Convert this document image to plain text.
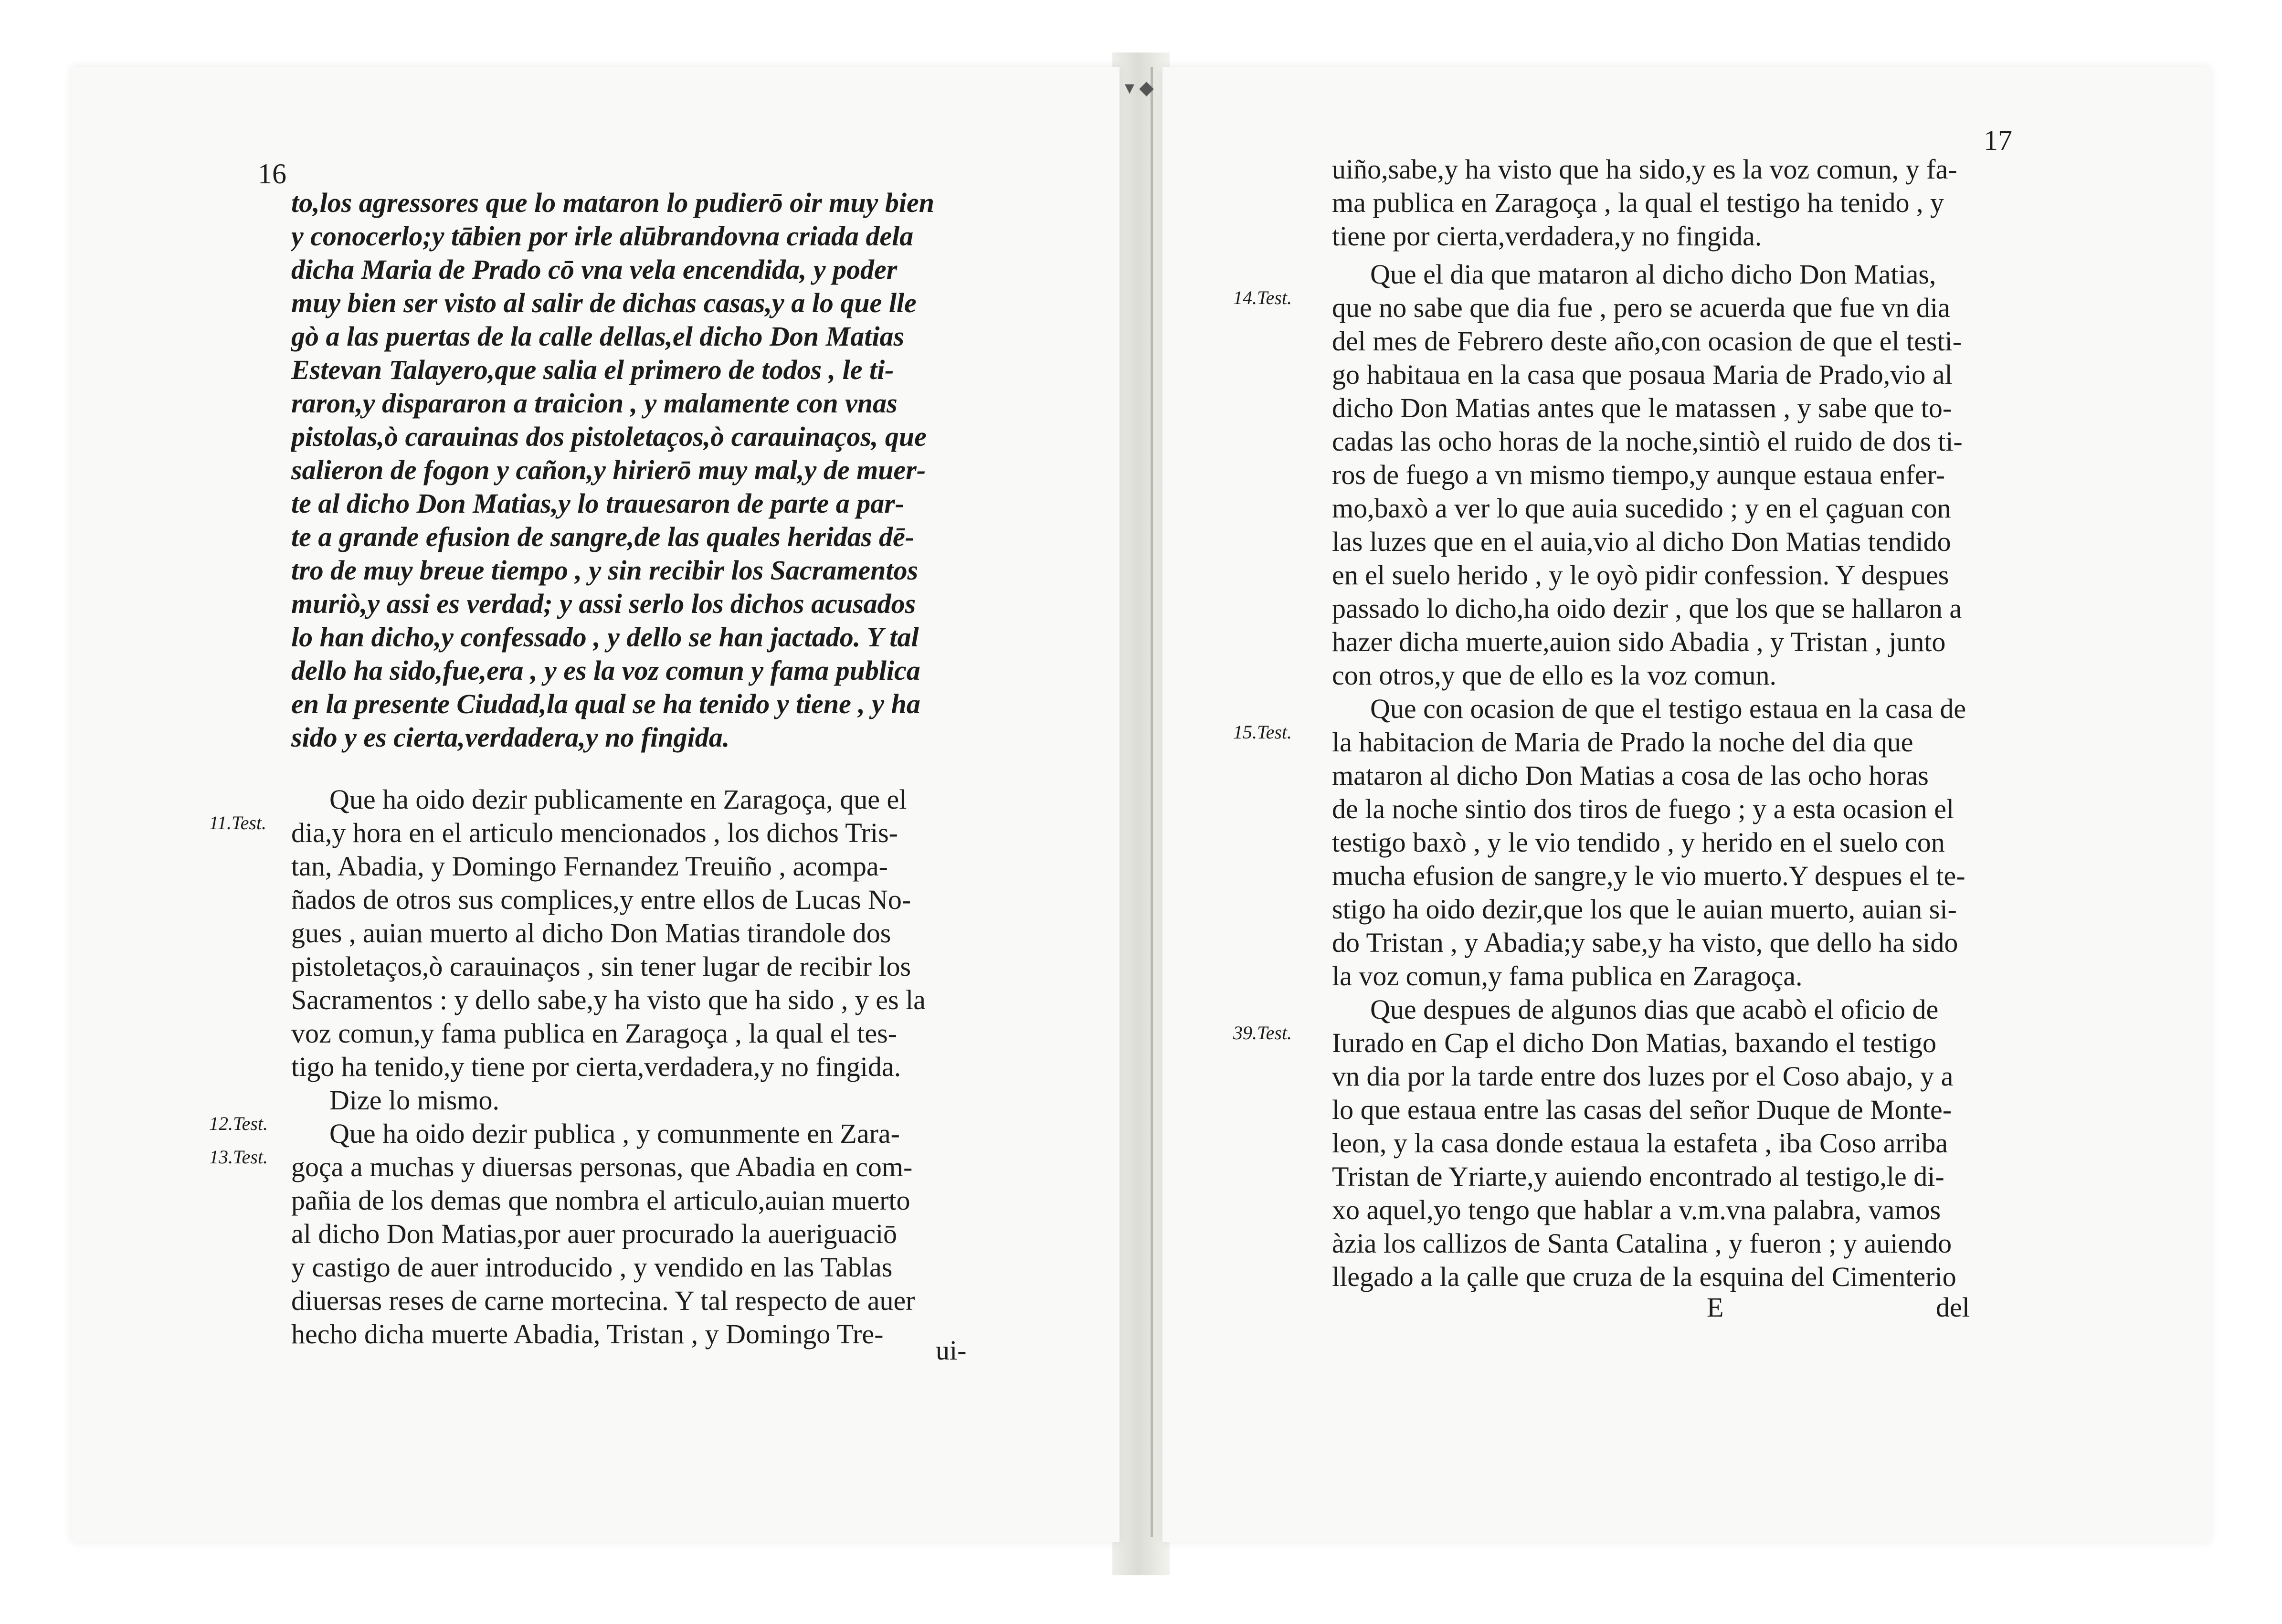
▾ ◆
16
to,los agressores que lo mataron lo pudierō oir muy bien
y conocerlo;y tābien por irle alūbrandovna criada dela
dicha Maria de Prado cō vna vela encendida, y poder
muy bien ser visto al salir de dichas casas,y a lo que lle
gò a las puertas de la calle dellas,el dicho Don Matias
Estevan Talayero,que salia el primero de todos , le ti-
raron,y dispararon a traicion , y malamente con vnas
pistolas,ò carauinas dos pistoletaços,ò carauinaços, que
salieron de fogon y cañon,y hirierō muy mal,y de muer-
te al dicho Don Matias,y lo trauesaron de parte a par-
te a grande efusion de sangre,de las quales heridas dē-
tro de muy breue tiempo , y sin recibir los Sacramentos
muriò,y assi es verdad; y assi serlo los dichos acusados
lo han dicho,y confessado , y dello se han jactado. Y tal
dello ha sido,fue,era , y es la voz comun y fama publica
en la presente Ciudad,la qual se ha tenido y tiene , y ha
sido y es cierta,verdadera,y no fingida.
11.Test.
Que ha oido dezir publicamente en Zaragoça, que el
dia,y hora en el articulo mencionados , los dichos Tris-
tan, Abadia, y Domingo Fernandez Treuiño , acompa-
ñados de otros sus complices,y entre ellos de Lucas No-
gues , auian muerto al dicho Don Matias tirandole dos
pistoletaços,ò carauinaços , sin tener lugar de recibir los
Sacramentos : y dello sabe,y ha visto que ha sido , y es la
voz comun,y fama publica en Zaragoça , la qual el tes-
tigo ha tenido,y tiene por cierta,verdadera,y no fingida.
12.Test.
Dize lo mismo.
13.Test.
Que ha oido dezir publica , y comunmente en Zara-
goça a muchas y diuersas personas, que Abadia en com-
pañia de los demas que nombra el articulo,auian muerto
al dicho Don Matias,por auer procurado la aueriguaciō
y castigo de auer introducido , y vendido en las Tablas
diuersas reses de carne mortecina. Y tal respecto de auer
hecho dicha muerte Abadia, Tristan , y Domingo Tre-
ui-
17
uiño,sabe,y ha visto que ha sido,y es la voz comun, y fa-
ma publica en Zaragoça , la qual el testigo ha tenido , y
tiene por cierta,verdadera,y no fingida.
14.Test.
Que el dia que mataron al dicho dicho Don Matias,
que no sabe que dia fue , pero se acuerda que fue vn dia
del mes de Febrero deste año,con ocasion de que el testi-
go habitaua en la casa que posaua Maria de Prado,vio al
dicho Don Matias antes que le matassen , y sabe que to-
cadas las ocho horas de la noche,sintiò el ruido de dos ti-
ros de fuego a vn mismo tiempo,y aunque estaua enfer-
mo,baxò a ver lo que auia sucedido ; y en el çaguan con
las luzes que en el auia,vio al dicho Don Matias tendido
en el suelo herido , y le oyò pidir confession. Y despues
passado lo dicho,ha oido dezir , que los que se hallaron a
hazer dicha muerte,auion sido Abadia , y Tristan , junto
con otros,y que de ello es la voz comun.
15.Test.
Que con ocasion de que el testigo estaua en la casa de
la habitacion de Maria de Prado la noche del dia que
mataron al dicho Don Matias a cosa de las ocho horas
de la noche sintio dos tiros de fuego ; y a esta ocasion el
testigo baxò , y le vio tendido , y herido en el suelo con
mucha efusion de sangre,y le vio muerto.Y despues el te-
stigo ha oido dezir,que los que le auian muerto, auian si-
do Tristan , y Abadia;y sabe,y ha visto, que dello ha sido
la voz comun,y fama publica en Zaragoça.
39.Test.
Que despues de algunos dias que acabò el oficio de
Iurado en Cap el dicho Don Matias, baxando el testigo
vn dia por la tarde entre dos luzes por el Coso abajo, y a
lo que estaua entre las casas del señor Duque de Monte-
leon, y la casa donde estaua la estafeta , iba Coso arriba
Tristan de Yriarte,y auiendo encontrado al testigo,le di-
xo aquel,yo tengo que hablar a v.m.vna palabra, vamos
àzia los callizos de Santa Catalina , y fueron ; y auiendo
llegado a la çalle que cruza de la esquina del Cimenterio
E	del
